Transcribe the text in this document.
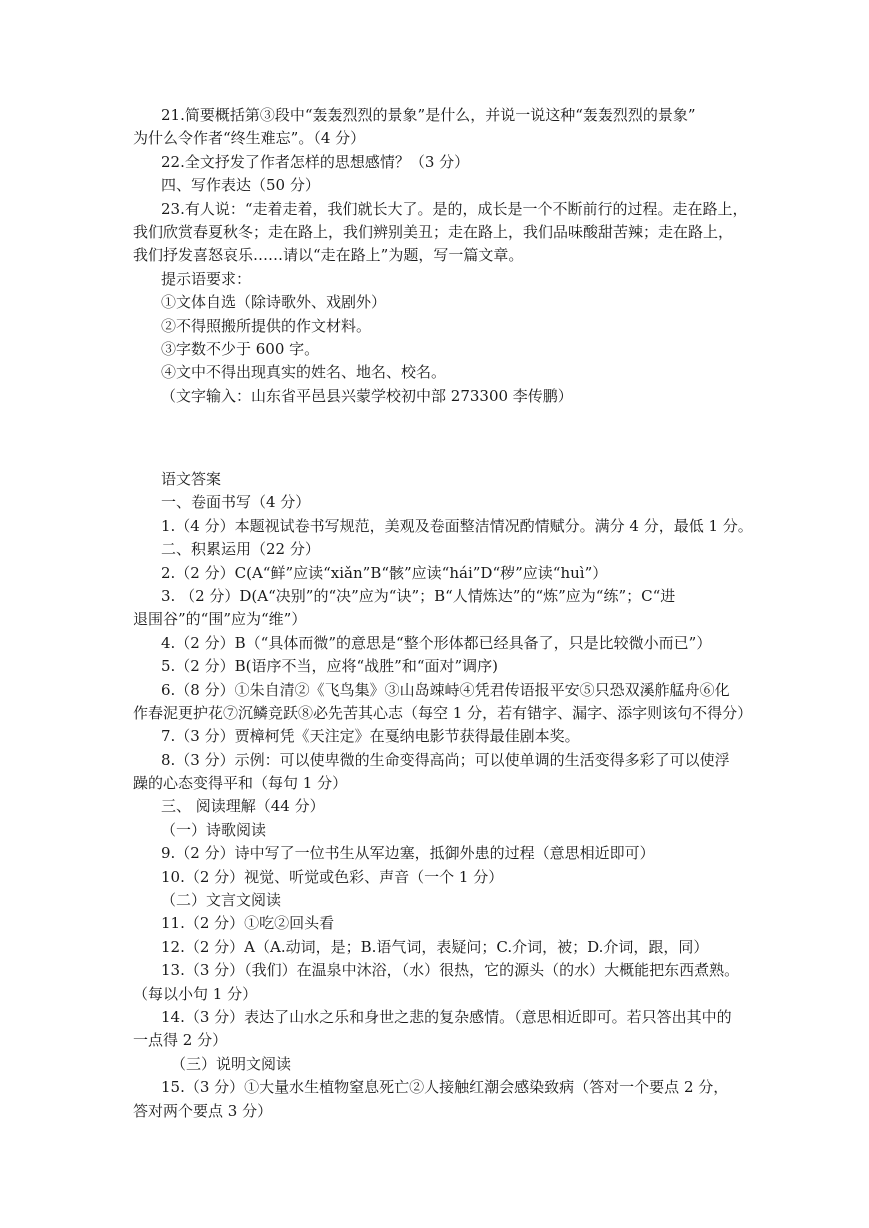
21.简要概括第③段中“轰轰烈烈的景象”是什么，并说一说这种“轰轰烈烈的景象”
为什么令作者“终生难忘”。（4 分）
22.全文抒发了作者怎样的思想感情？（3 分）
四、写作表达（50 分）
23.有人说：“走着走着，我们就长大了。是的，成长是一个不断前行的过程。走在路上，
我们欣赏春夏秋冬；走在路上，我们辨别美丑；走在路上，我们品味酸甜苦辣；走在路上，
我们抒发喜怒哀乐……请以“走在路上”为题，写一篇文章。
提示语要求：
①文体自选（除诗歌外、戏剧外）
②不得照搬所提供的作文材料。
③字数不少于 600 字。
④文中不得出现真实的姓名、地名、校名。
（文字输入：山东省平邑县兴蒙学校初中部 273300 李传鹏）
语文答案
一、卷面书写（4 分）
1.（4 分）本题视试卷书写规范，美观及卷面整洁情况酌情赋分。满分 4 分，最低 1 分。
二、积累运用（22 分）
2.（2 分）C(A“鲜”应读“xiǎn”B“骸”应读“hái”D“秽”应读“huì”）
3. （2 分）D(A“决别”的“决”应为“诀”；B“人情炼达”的“炼”应为“练”；C“进
退围谷”的“围”应为“维”）
4.（2 分）B（“具体而微”的意思是“整个形体都已经具备了，只是比较微小而已”）
5.（2 分）B(语序不当，应将“战胜”和“面对”调序)
6.（8 分）①朱自清②《飞鸟集》③山岛竦峙④凭君传语报平安⑤只恐双溪舴艋舟⑥化
作春泥更护花⑦沉鳞竞跃⑧必先苦其心志（每空 1 分，若有错字、漏字、添字则该句不得分）
7.（3 分）贾樟柯凭《天注定》在戛纳电影节获得最佳剧本奖。
8.（3 分）示例：可以使卑微的生命变得高尚；可以使单调的生活变得多彩了可以使浮
躁的心态变得平和（每句 1 分）
三、 阅读理解（44 分）
（一）诗歌阅读
9.（2 分）诗中写了一位书生从军边塞，抵御外患的过程（意思相近即可）
10.（2 分）视觉、听觉或色彩、声音（一个 1 分）
（二）文言文阅读
11.（2 分）①吃②回头看
12.（2 分）A（A.动词，是；B.语气词，表疑问；C.介词，被；D.介词，跟，同）
13.（3 分）（我们）在温泉中沐浴，（水）很热，它的源头（的水）大概能把东西煮熟。
（每以小句 1 分）
14.（3 分）表达了山水之乐和身世之悲的复杂感情。（意思相近即可。若只答出其中的
一点得 2 分）
（三）说明文阅读
15.（3 分）①大量水生植物窒息死亡②人接触红潮会感染致病（答对一个要点 2 分，
答对两个要点 3 分）
